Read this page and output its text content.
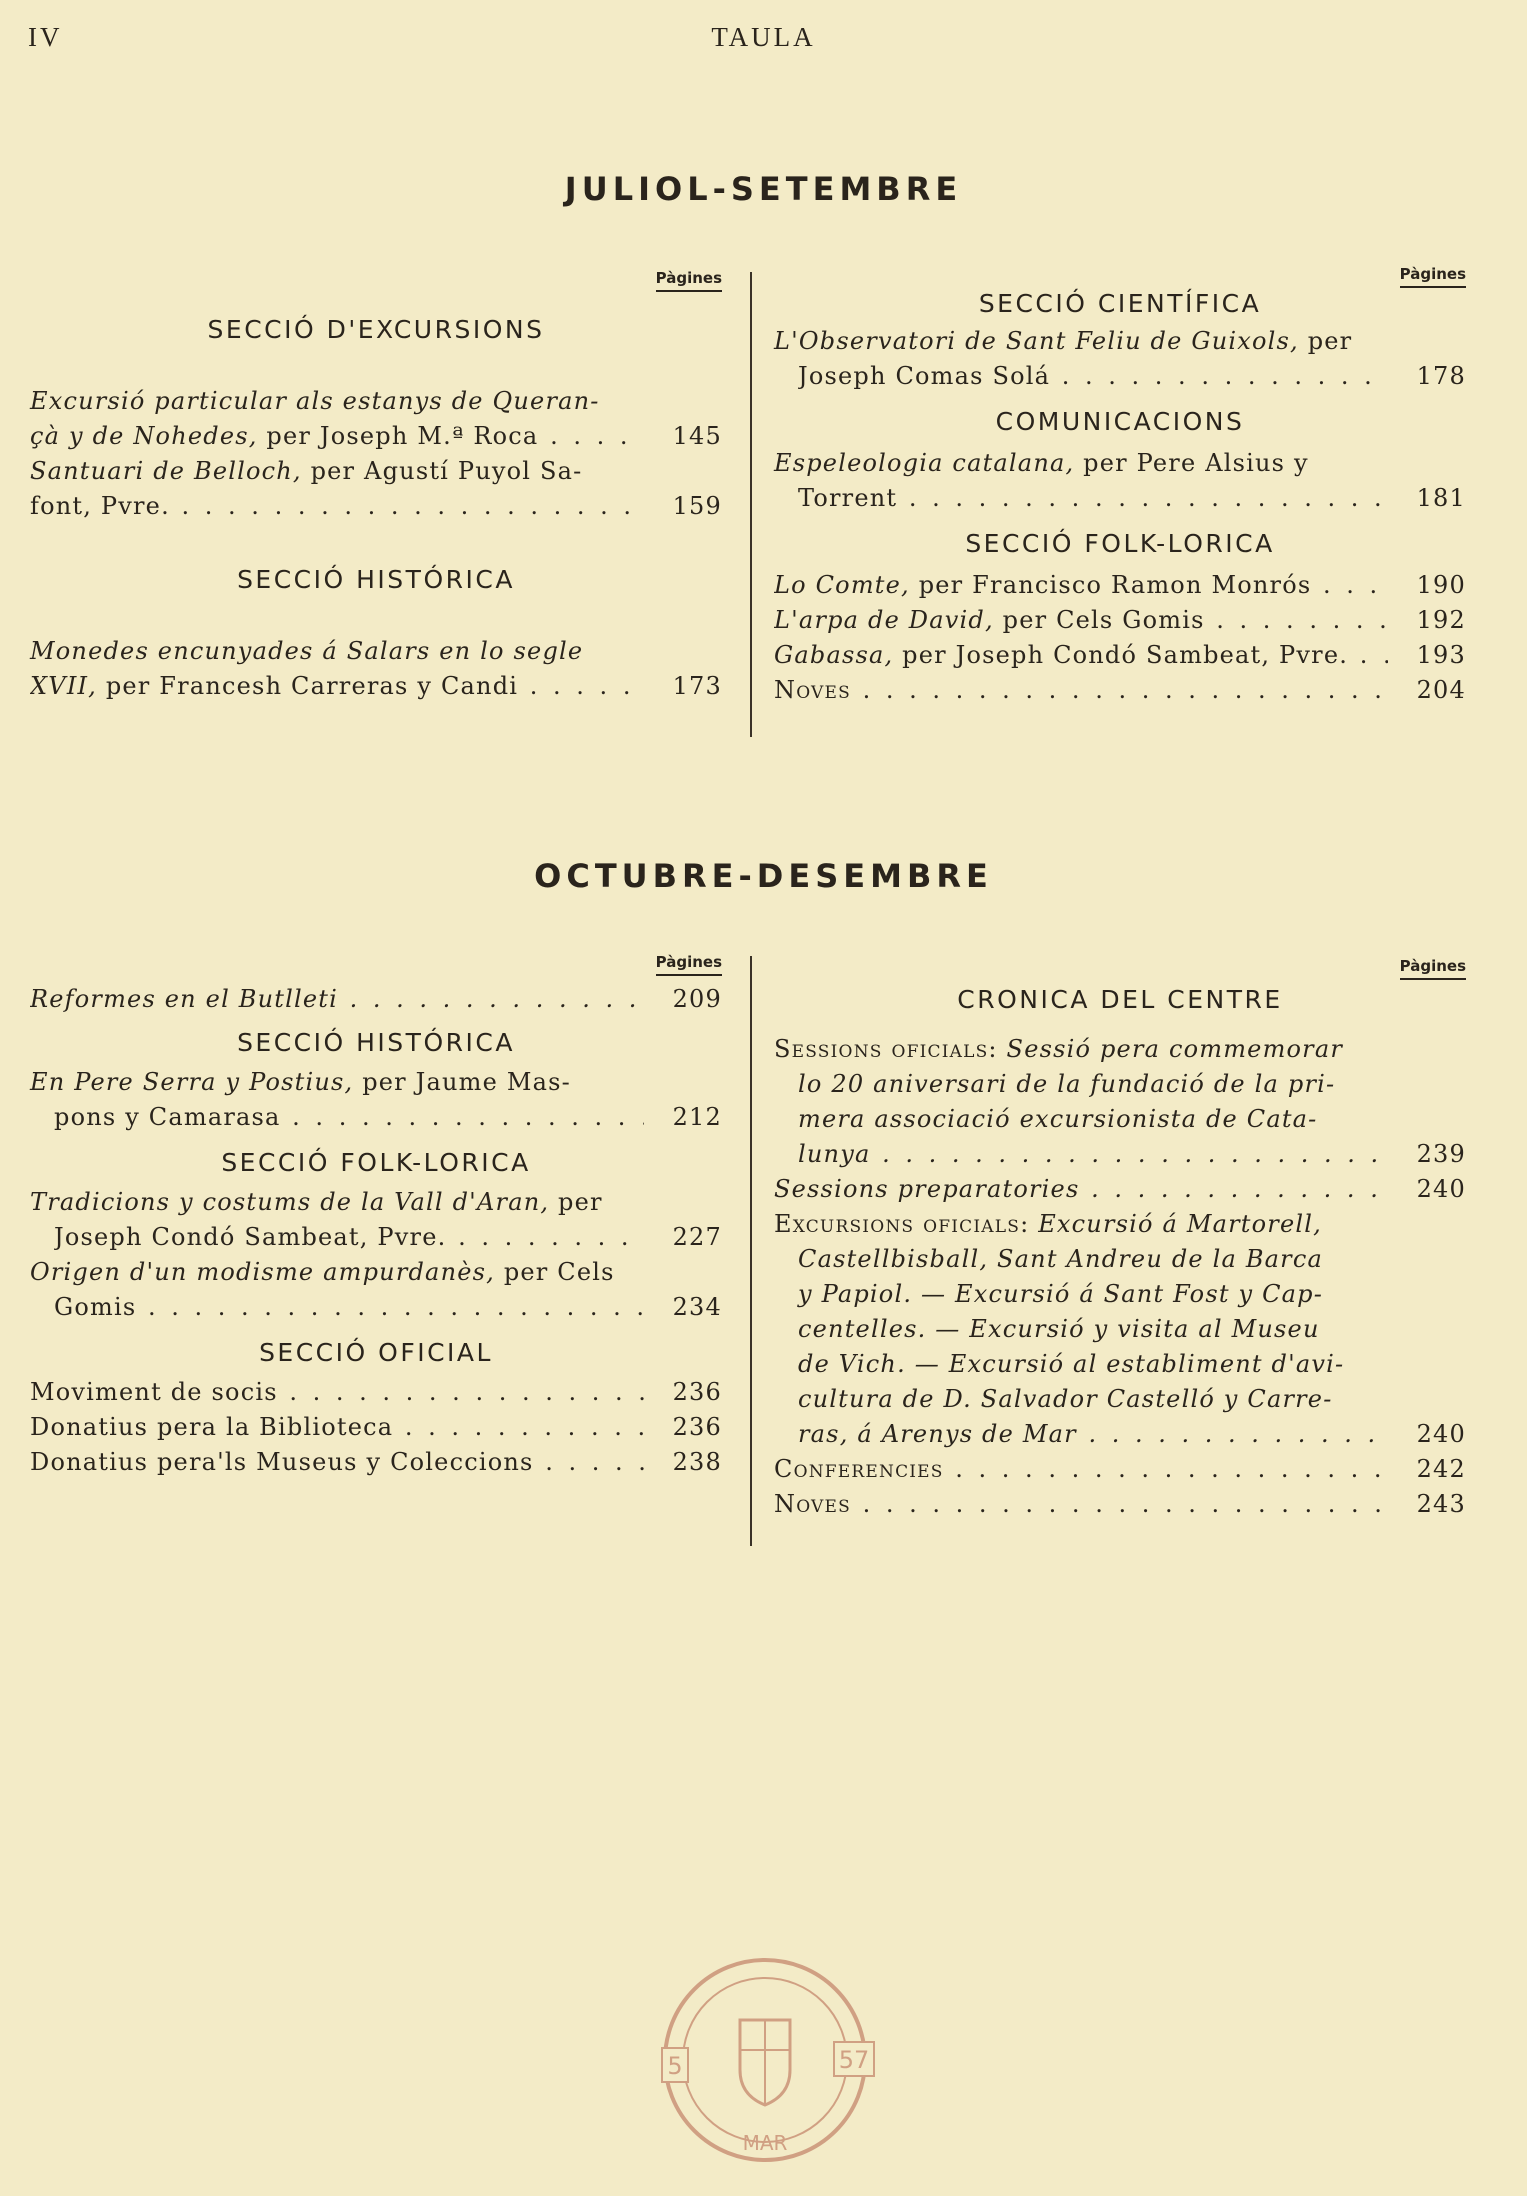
IV	TAULA
JULIOL-SETEMBRE
Pàgines
SECCIÓ D'EXCURSIONS
Excursió particular als estanys de Queran-
çà y de Nohedes, per Joseph M.ª Roca . . .	145
Santuari de Belloch, per Agustí Puyol Sa-
font, Pvre. . . .	159
SECCIÓ HISTÓRICA
Monedes encunyades á Salars en lo segle
XVII, per Francesh Carreras y Candi . . .	173
Pàgines
SECCIÓ CIENTÍFICA
L'Observatori de Sant Feliu de Guixols, per
Joseph Comas Solá . . .	178
COMUNICACIONS
Espeleologia catalana, per Pere Alsius y
Torrent . . .	181
SECCIÓ FOLK-LORICA
Lo Comte, per Francisco Ramon Monrós . . .	190
L'arpa de David, per Cels Gomis . . .	192
Gabassa, per Joseph Condó Sambeat, Pvre. . . .	193
Noves . . .	204
OCTUBRE-DESEMBRE
Pàgines
Reformes en el Butlleti . . .	209
SECCIÓ HISTÓRICA
En Pere Serra y Postius, per Jaume Mas-
pons y Camarasa . . .	212
SECCIÓ FOLK-LORICA
Tradicions y costums de la Vall d'Aran, per
Joseph Condó Sambeat, Pvre. . . .	227
Origen d'un modisme ampurdanès, per Cels
Gomis . . .	234
SECCIÓ OFICIAL
Moviment de socis . . .	236
Donatius pera la Biblioteca . . .	236
Donatius pera'ls Museus y Coleccions . . .	238
Pàgines
CRONICA DEL CENTRE
Sessions oficials: Sessió pera commemorar
lo 20 aniversari de la fundació de la pri-
mera associació excursionista de Cata-
lunya . . .	239
Sessions preparatories . . .	240
Excursions oficials: Excursió á Martorell,
Castellbisball, Sant Andreu de la Barca
y Papiol. — Excursió á Sant Fost y Cap-
centelles. — Excursió y visita al Museu
de Vich. — Excursió al establiment d'avi-
cultura de D. Salvador Castelló y Carre-
ras, á Arenys de Mar . . .	240
Conferencies . . .	242
Noves . . .	243
5	57
MAR
